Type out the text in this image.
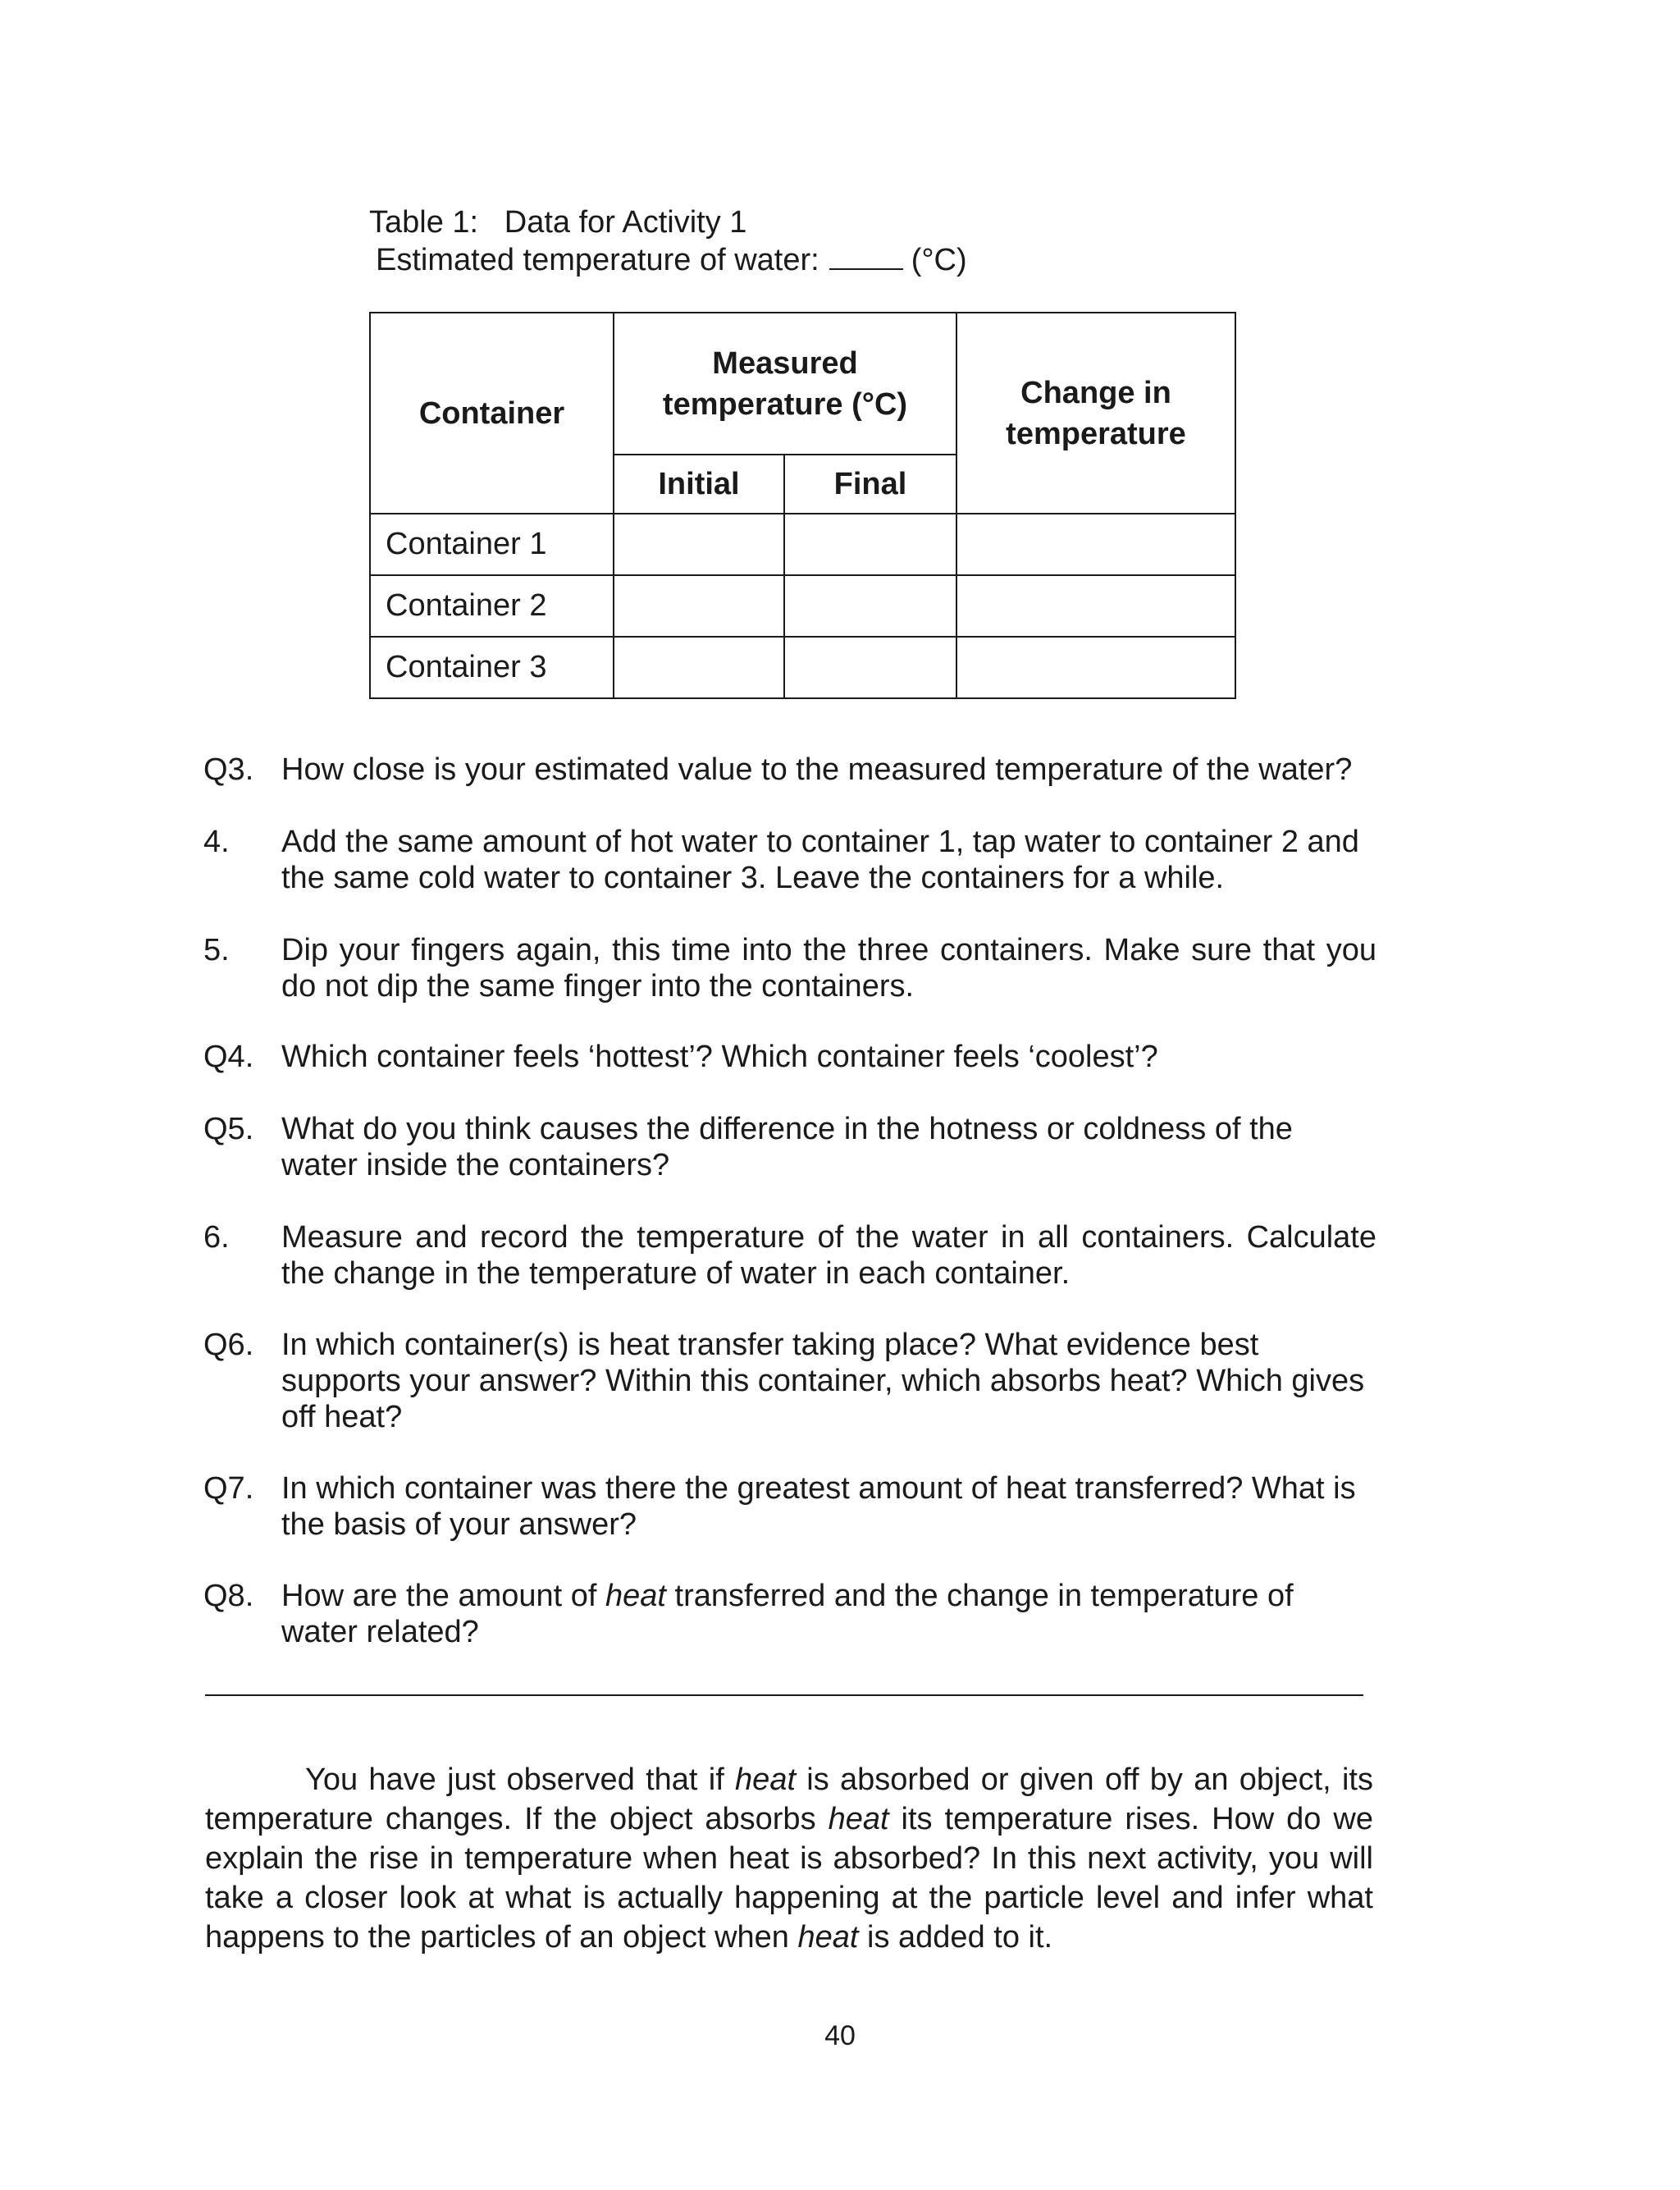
Table 1:   Data for Activity 1
Estimated temperature of water:	(°C)
Container	Measured temperature (°C)		Change in temperature
	Initial	Final	
Container 1			
Container 2			
Container 3			
Q3. How close is your estimated value to the measured temperature of the water?
4. Add the same amount of hot water to container 1, tap water to container 2 and the same cold water to container 3. Leave the containers for a while.
5. Dip your fingers again, this time into the three containers. Make sure that you do not dip the same finger into the containers.
Q4. Which container feels ‘hottest’? Which container feels ‘coolest’?
Q5. What do you think causes the difference in the hotness or coldness of the water inside the containers?
6. Measure and record the temperature of the water in all containers. Calculate the change in the temperature of water in each container.
Q6. In which container(s) is heat transfer taking place? What evidence best supports your answer? Within this container, which absorbs heat? Which gives off heat?
Q7. In which container was there the greatest amount of heat transferred? What is the basis of your answer?
Q8. How are the amount of heat transferred and the change in temperature of water related?
You have just observed that if heat is absorbed or given off by an object, its temperature changes. If the object absorbs heat its temperature rises. How do we explain the rise in temperature when heat is absorbed? In this next activity, you will take a closer look at what is actually happening at the particle level and infer what happens to the particles of an object when heat is added to it.
40
